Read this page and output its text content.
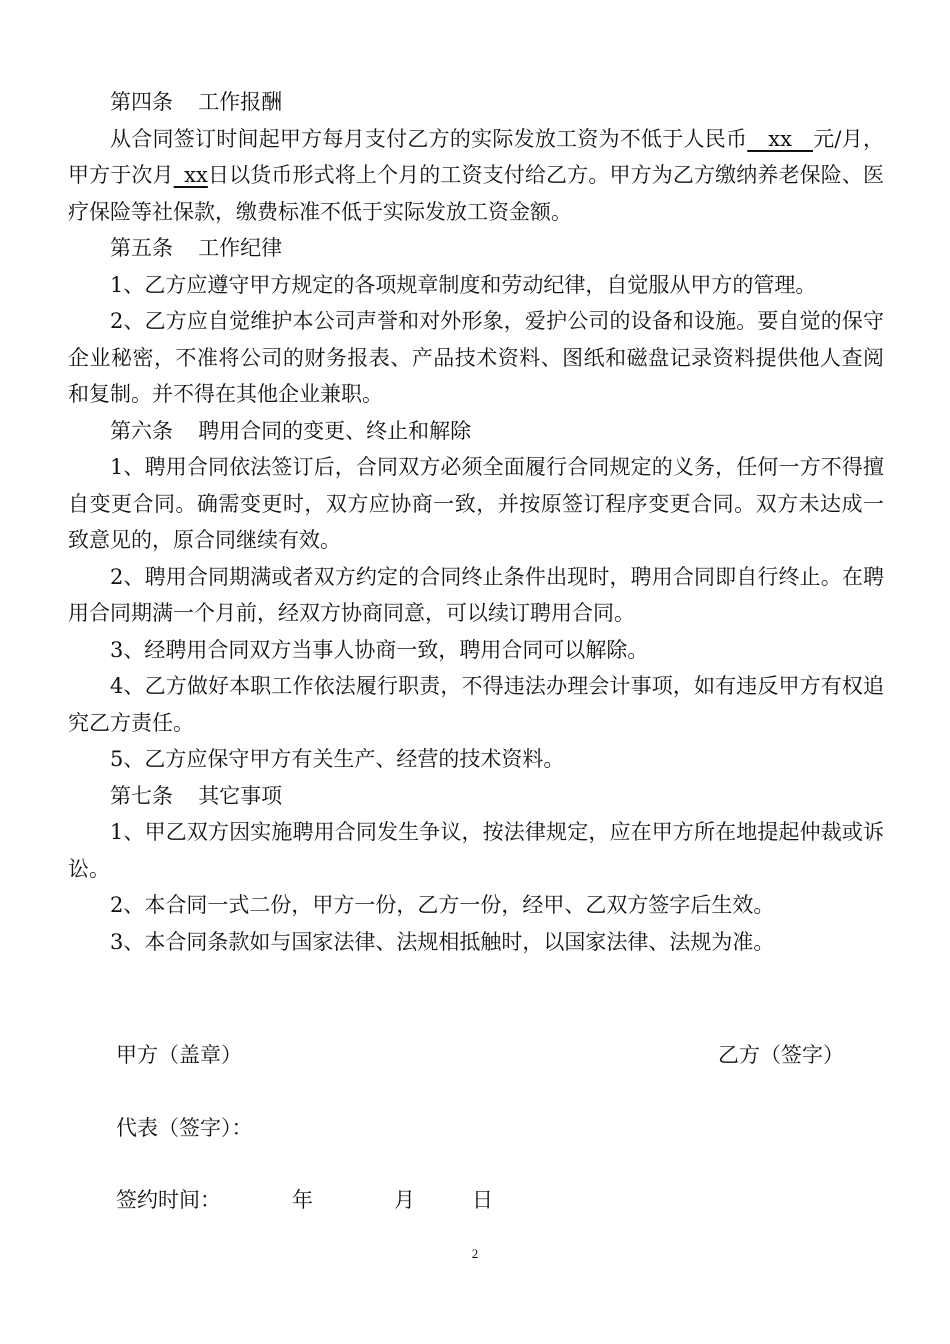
第四条 工作报酬

从合同签订时间起甲方每月支付乙方的实际发放工资为不低于人民币__xx__元/月，甲方于次月_xx日以货币形式将上个月的工资支付给乙方。甲方为乙方缴纳养老保险、医疗保险等社保款，缴费标准不低于实际发放工资金额。

第五条 工作纪律

1、乙方应遵守甲方规定的各项规章制度和劳动纪律，自觉服从甲方的管理。

2、乙方应自觉维护本公司声誉和对外形象，爱护公司的设备和设施。要自觉的保守企业秘密，不准将公司的财务报表、产品技术资料、图纸和磁盘记录资料提供他人查阅和复制。并不得在其他企业兼职。

第六条 聘用合同的变更、终止和解除

1、聘用合同依法签订后，合同双方必须全面履行合同规定的义务，任何一方不得擅自变更合同。确需变更时，双方应协商一致，并按原签订程序变更合同。双方未达成一致意见的，原合同继续有效。

2、聘用合同期满或者双方约定的合同终止条件出现时，聘用合同即自行终止。在聘用合同期满一个月前，经双方协商同意，可以续订聘用合同。

3、经聘用合同双方当事人协商一致，聘用合同可以解除。

4、乙方做好本职工作依法履行职责，不得违法办理会计事项，如有违反甲方有权追究乙方责任。

5、乙方应保守甲方有关生产、经营的技术资料。

第七条 其它事项

1、甲乙双方因实施聘用合同发生争议，按法律规定，应在甲方所在地提起仲裁或诉讼。

2、本合同一式二份，甲方一份，乙方一份，经甲、乙双方签字后生效。

3、本合同条款如与国家法律、法规相抵触时，以国家法律、法规为准。

甲方（盖章）	乙方（签字）
代表（签字）：
签约时间：	年	月	日
2
